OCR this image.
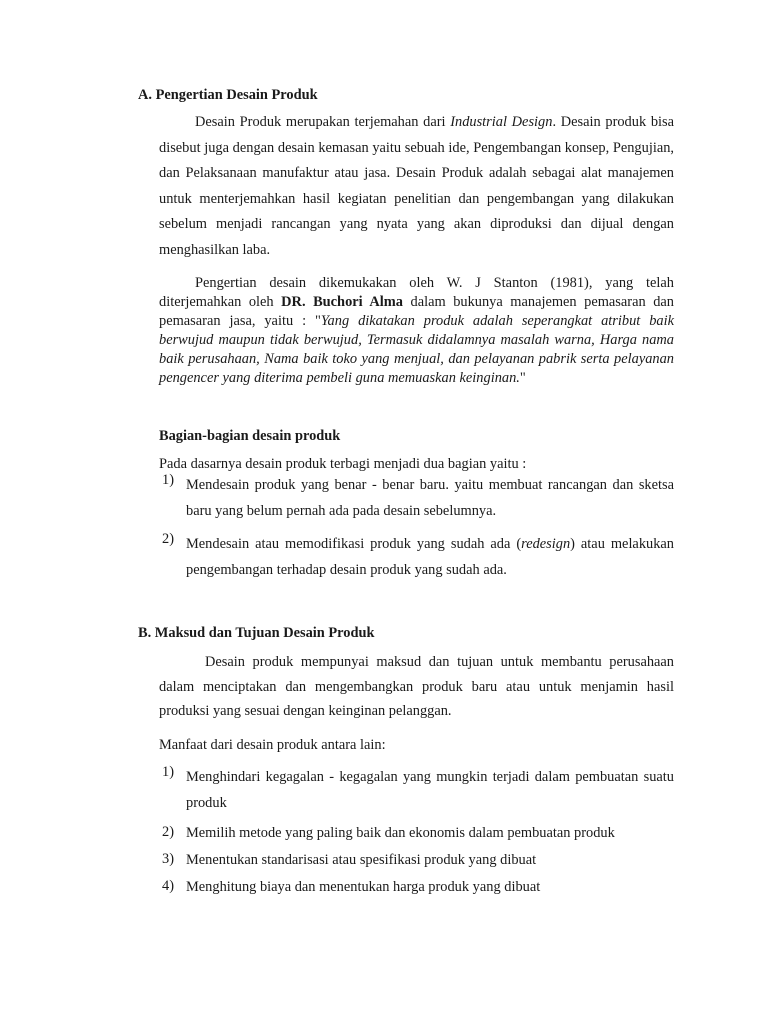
A. Pengertian Desain Produk

Desain Produk merupakan terjemahan dari Industrial Design. Desain produk bisa disebut juga dengan desain kemasan yaitu sebuah ide, Pengembangan konsep, Pengujian, dan Pelaksanaan manufaktur atau jasa. Desain Produk adalah sebagai alat manajemen untuk menterjemahkan hasil kegiatan penelitian dan pengembangan yang dilakukan sebelum menjadi rancangan yang nyata yang akan diproduksi dan dijual dengan menghasilkan laba.

Pengertian desain dikemukakan oleh W. J Stanton (1981), yang telah diterjemahkan oleh DR. Buchori Alma dalam bukunya manajemen pemasaran dan pemasaran jasa, yaitu : "Yang dikatakan produk adalah seperangkat atribut baik berwujud maupun tidak berwujud, Termasuk didalamnya masalah warna, Harga nama baik perusahaan, Nama baik toko yang menjual, dan pelayanan pabrik serta pelayanan pengencer yang diterima pembeli guna memuaskan keinginan."

Bagian-bagian desain produk

Pada dasarnya desain produk terbagi menjadi dua bagian yaitu :

1) Mendesain produk yang benar - benar baru. yaitu membuat rancangan dan sketsa baru yang belum pernah ada pada desain sebelumnya.
2) Mendesain atau memodifikasi produk yang sudah ada (redesign) atau melakukan pengembangan terhadap desain produk yang sudah ada.
B. Maksud dan Tujuan Desain Produk

Desain produk mempunyai maksud dan tujuan untuk membantu perusahaan dalam menciptakan dan mengembangkan produk baru atau untuk menjamin hasil produksi yang sesuai dengan keinginan pelanggan.

Manfaat dari desain produk antara lain:

1) Menghindari kegagalan - kegagalan yang mungkin terjadi dalam pembuatan suatu produk
2) Memilih metode yang paling baik dan ekonomis dalam pembuatan produk
3) Menentukan standarisasi atau spesifikasi produk yang dibuat
4) Menghitung biaya dan menentukan harga produk yang dibuat
